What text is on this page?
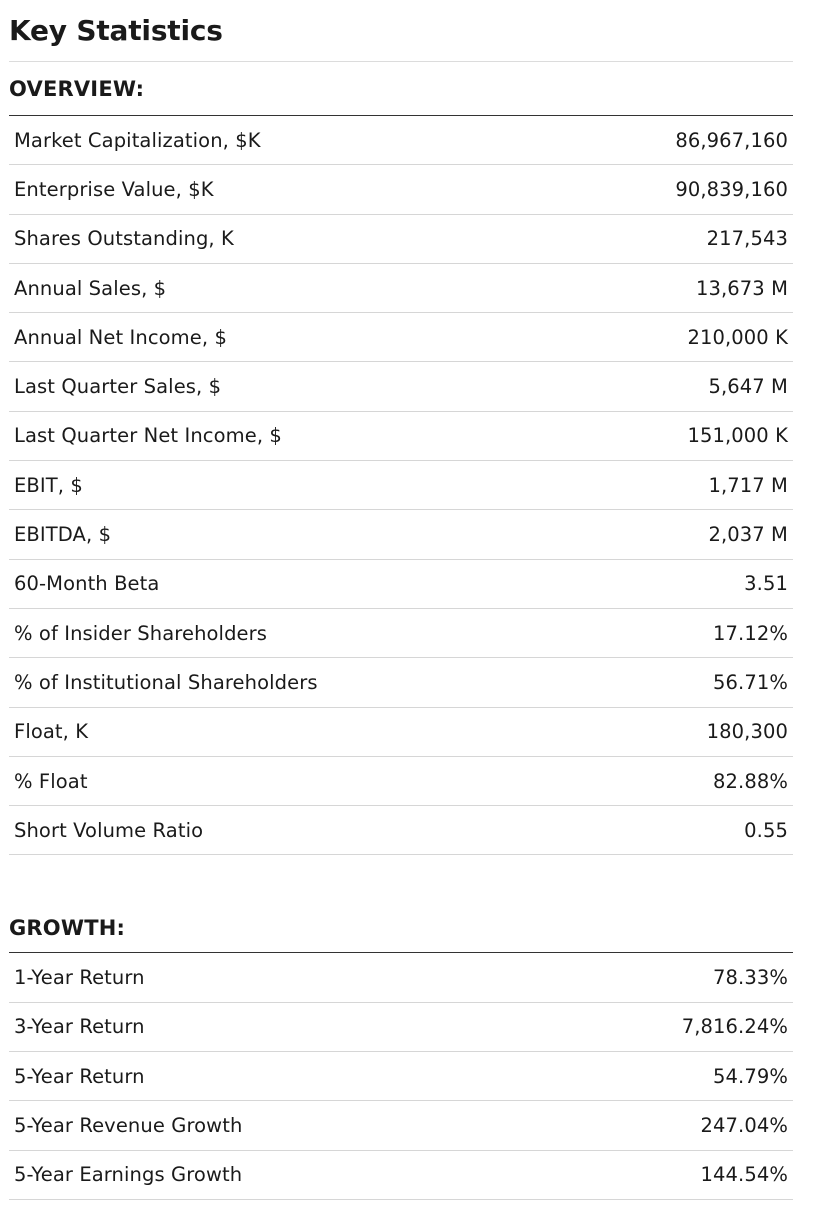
Key Statistics
OVERVIEW:
Market Capitalization, $K	86,967,160
Enterprise Value, $K	90,839,160
Shares Outstanding, K	217,543
Annual Sales, $	13,673 M
Annual Net Income, $	210,000 K
Last Quarter Sales, $	5,647 M
Last Quarter Net Income, $	151,000 K
EBIT, $	1,717 M
EBITDA, $	2,037 M
60-Month Beta	3.51
% of Insider Shareholders	17.12%
% of Institutional Shareholders	56.71%
Float, K	180,300
% Float	82.88%
Short Volume Ratio	0.55
GROWTH:
1-Year Return	78.33%
3-Year Return	7,816.24%
5-Year Return	54.79%
5-Year Revenue Growth	247.04%
5-Year Earnings Growth	144.54%
